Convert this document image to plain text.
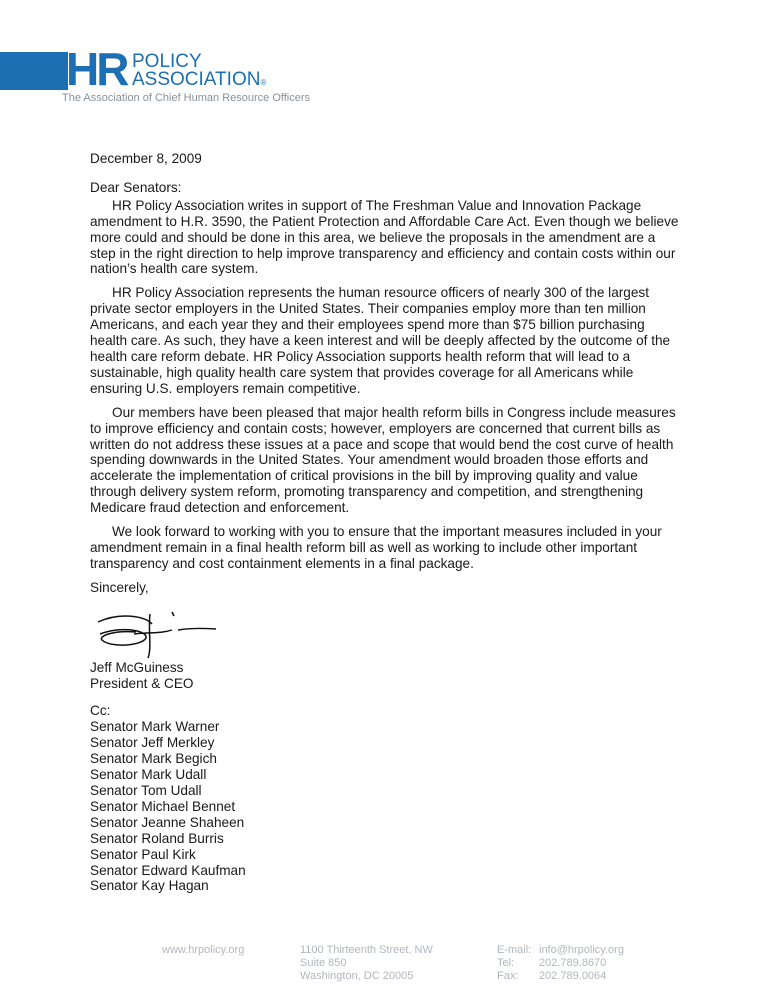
HR POLICY
ASSOCIATION®
The Association of Chief Human Resource Officers

December 8, 2009

Dear Senators:

HR Policy Association writes in support of The Freshman Value and Innovation Package amendment to H.R. 3590, the Patient Protection and Affordable Care Act. Even though we believe more could and should be done in this area, we believe the proposals in the amendment are a step in the right direction to help improve transparency and efficiency and contain costs within our nation’s health care system.

HR Policy Association represents the human resource officers of nearly 300 of the largest private sector employers in the United States. Their companies employ more than ten million Americans, and each year they and their employees spend more than $75 billion purchasing health care. As such, they have a keen interest and will be deeply affected by the outcome of the health care reform debate. HR Policy Association supports health reform that will lead to a sustainable, high quality health care system that provides coverage for all Americans while ensuring U.S. employers remain competitive.

Our members have been pleased that major health reform bills in Congress include measures to improve efficiency and contain costs; however, employers are concerned that current bills as written do not address these issues at a pace and scope that would bend the cost curve of health spending downwards in the United States. Your amendment would broaden those efforts and accelerate the implementation of critical provisions in the bill by improving quality and value through delivery system reform, promoting transparency and competition, and strengthening Medicare fraud detection and enforcement.

We look forward to working with you to ensure that the important measures included in your amendment remain in a final health reform bill as well as working to include other important transparency and cost containment elements in a final package.

Sincerely,

Jeff McGuiness

President & CEO

Cc:
Senator Mark Warner
Senator Jeff Merkley
Senator Mark Begich
Senator Mark Udall
Senator Tom Udall
Senator Michael Bennet
Senator Jeanne Shaheen
Senator Roland Burris
Senator Paul Kirk
Senator Edward Kaufman
Senator Kay Hagan
www.hrpolicy.org	1100 Thirteenth Street, NW
Suite 850
Washington, DC 20005
E-mail: info@hrpolicy.org
Tel: 202.789.8670
Fax: 202.789.0064
